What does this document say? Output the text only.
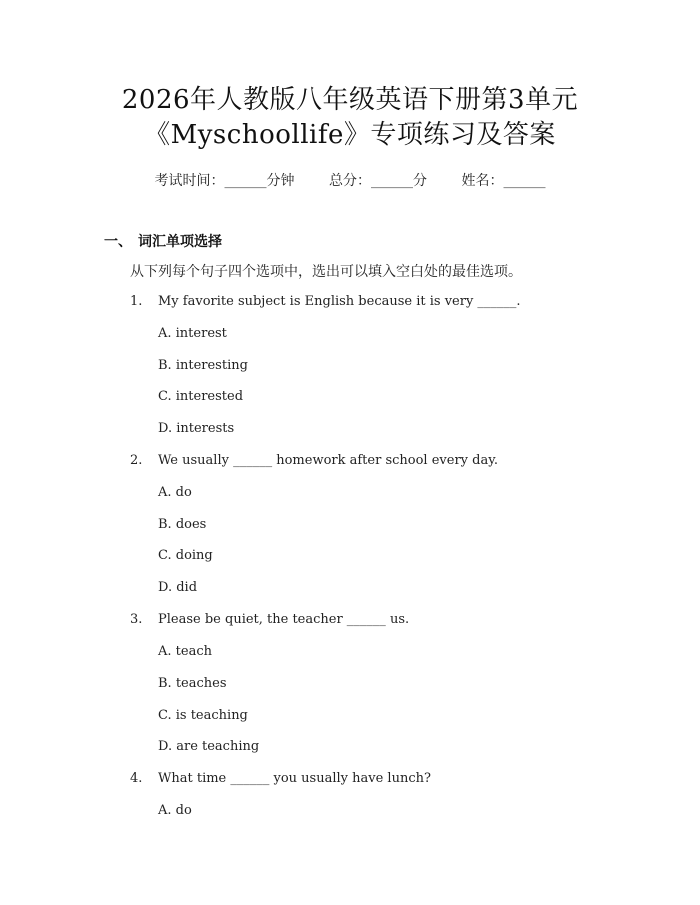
2026年人教版八年级英语下册第3单元
《Myschoollife》专项练习及答案
考试时间：______分钟 总分：______分 姓名：______
一、 词汇单项选择
从下列每个句子四个选项中，选出可以填入空白处的最佳选项。
1. My favorite subject is English because it is very ______.
A. interest
B. interesting
C. interested
D. interests
2. We usually ______ homework after school every day.
A. do
B. does
C. doing
D. did
3. Please be quiet, the teacher ______ us.
A. teach
B. teaches
C. is teaching
D. are teaching
4. What time ______ you usually have lunch?
A. do
